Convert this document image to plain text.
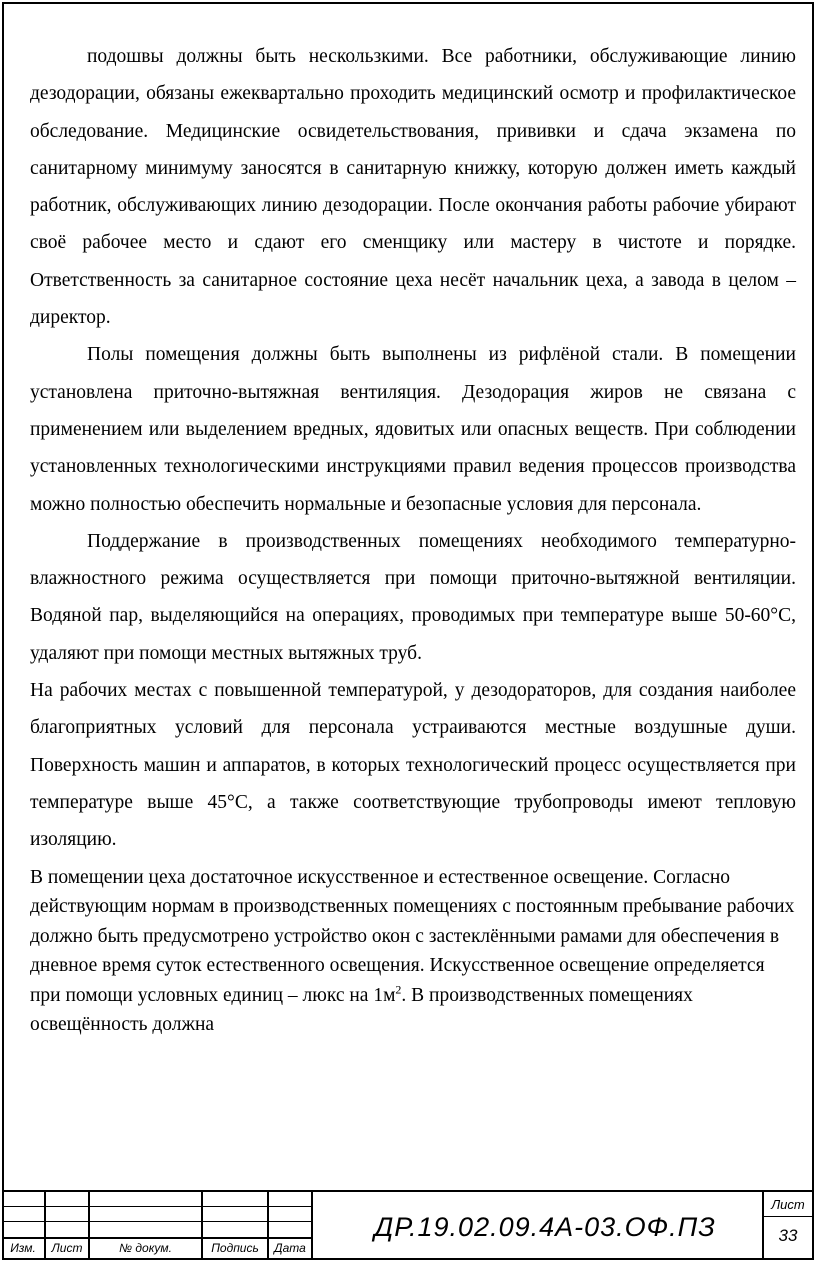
подошвы должны быть нескользкими. Все работники, обслуживающие линию дезодорации, обязаны ежеквартально проходить медицинский осмотр и профилактическое обследование. Медицинские освидетельствования, прививки и сдача экзамена по санитарному минимуму заносятся в санитарную книжку, которую должен иметь каждый работник, обслуживающих линию дезодорации. После окончания работы рабочие убирают своё рабочее место и сдают его сменщику или мастеру в чистоте и порядке. Ответственность за санитарное состояние цеха несёт начальник цеха, а завода в целом – директор.

Полы помещения должны быть выполнены из рифлёной стали. В помещении установлена приточно-вытяжная вентиляция. Дезодорация жиров не связана с применением или выделением вредных, ядовитых или опасных веществ. При соблюдении установленных технологическими инструкциями правил ведения процессов производства можно полностью обеспечить нормальные и безопасные условия для персонала.

Поддержание в производственных помещениях необходимого температурно-влажностного режима осуществляется при помощи приточно-вытяжной вентиляции. Водяной пар, выделяющийся на операциях, проводимых при температуре выше 50-60°С, удаляют при помощи местных вытяжных труб.

На рабочих местах с повышенной температурой, у дезодораторов, для создания наиболее благоприятных условий для персонала устраиваются местные воздушные души. Поверхность машин и аппаратов, в которых технологический процесс осуществляется при температуре выше 45°С, а также соответствующие трубопроводы имеют тепловую изоляцию.

В помещении цеха достаточное искусственное и естественное освещение. Согласно действующим нормам в производственных помещениях с постоянным пребывание рабочих должно быть предусмотрено устройство окон с застеклёнными рамами для обеспечения в дневное время суток естественного освещения. Искусственное освещение определяется при помощи условных единиц – люкс на $1м^2$. В производственных помещениях освещённость должна

Изм.	Лист	№ докум.	Подпись	Дата
ДР.19.02.09.4А-03.ОФ.ПЗ
Лист
33
